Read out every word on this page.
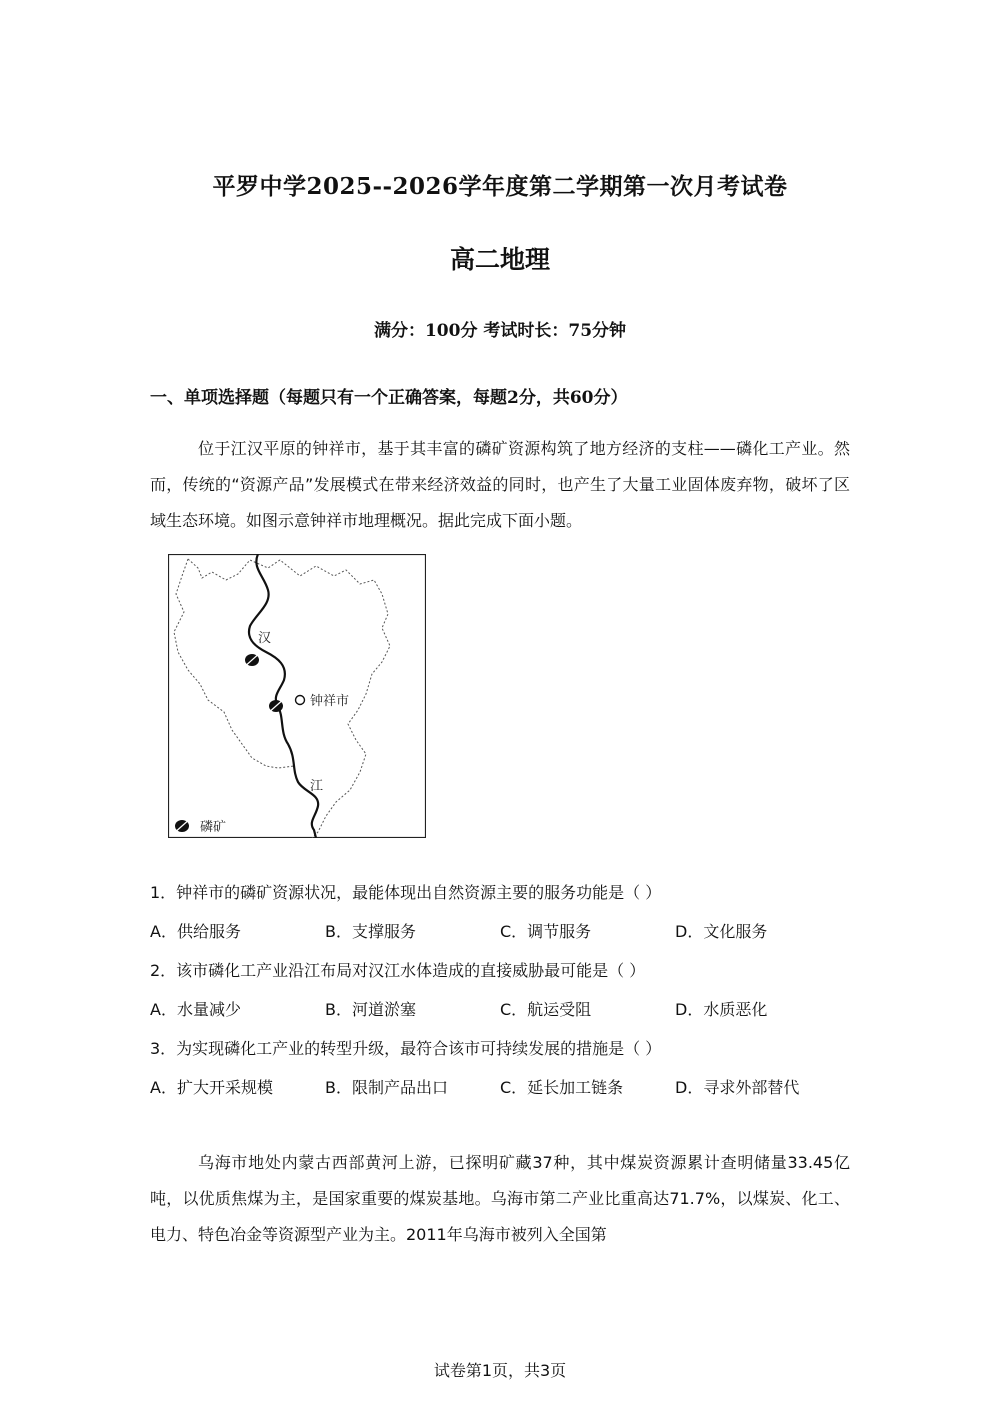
平罗中学2025--2026学年度第二学期第一次月考试卷
高二地理
满分：100分 考试时长：75分钟
一、单项选择题（每题只有一个正确答案，每题2分，共60分）
位于江汉平原的钟祥市，基于其丰富的磷矿资源构筑了地方经济的支柱——磷化工产业。然而，传统的“资源产品”发展模式在带来经济效益的同时，也产生了大量工业固体废弃物，破坏了区域生态环境。如图示意钟祥市地理概况。据此完成下面小题。
汉
江
钟祥市
磷矿
1．钟祥市的磷矿资源状况，最能体现出自然资源主要的服务功能是（ ）
A．供给服务	B．支撑服务	C．调节服务	D．文化服务
2．该市磷化工产业沿江布局对汉江水体造成的直接威胁最可能是（ ）
A．水量减少	B．河道淤塞	C．航运受阻	D．水质恶化
3．为实现磷化工产业的转型升级，最符合该市可持续发展的措施是（ ）
A．扩大开采规模	B．限制产品出口	C．延长加工链条	D．寻求外部替代
乌海市地处内蒙古西部黄河上游，已探明矿藏37种，其中煤炭资源累计查明储量33.45亿吨，以优质焦煤为主，是国家重要的煤炭基地。乌海市第二产业比重高达71.7%，以煤炭、化工、电力、特色冶金等资源型产业为主。2011年乌海市被列入全国第
试卷第1页，共3页
